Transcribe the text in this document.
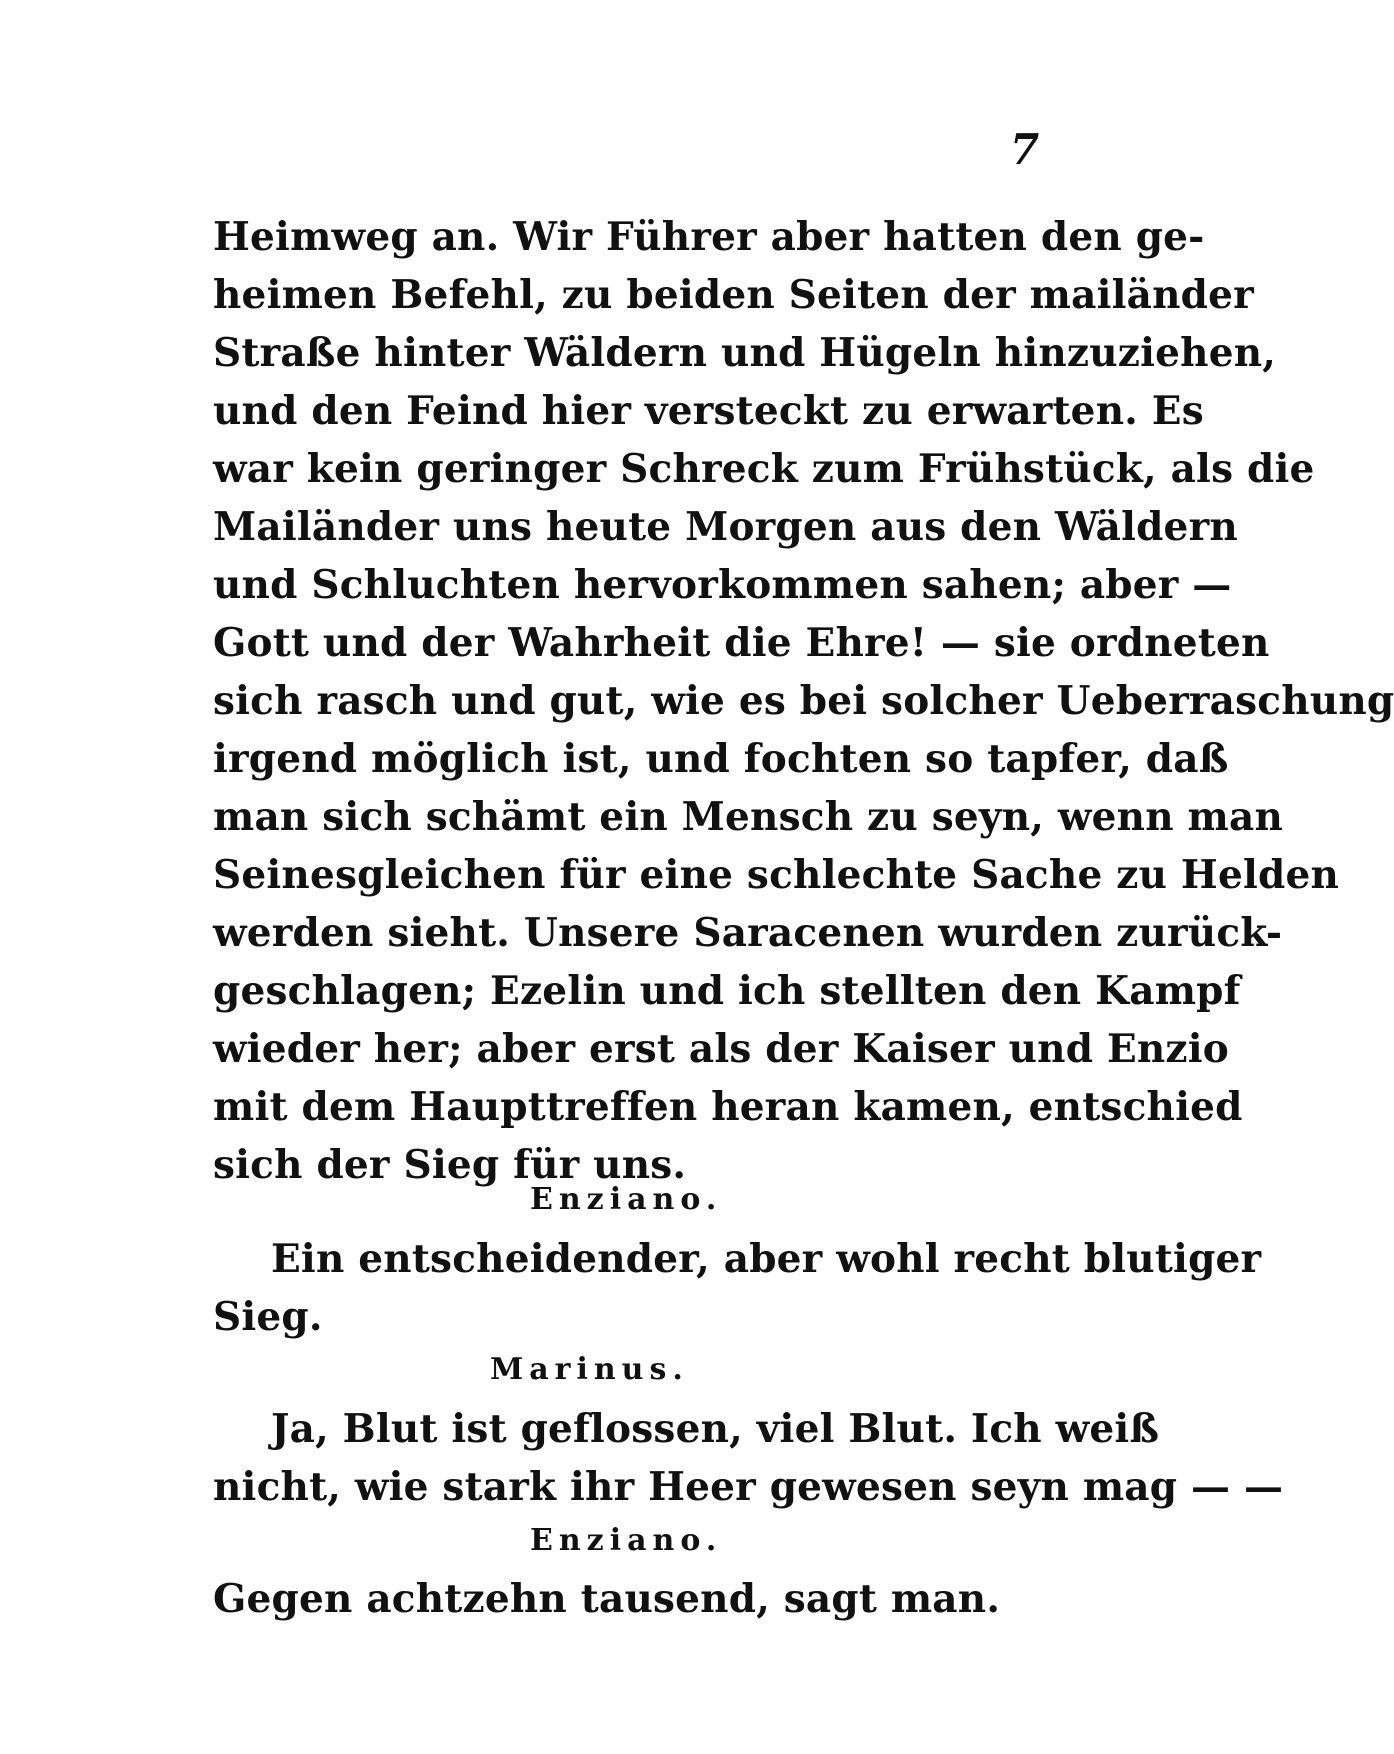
7
Heimweg an. Wir Führer aber hatten den ge-
heimen Befehl, zu beiden Seiten der mailänder
Straße hinter Wäldern und Hügeln hinzuziehen,
und den Feind hier versteckt zu erwarten. Es
war kein geringer Schreck zum Frühstück, als die
Mailänder uns heute Morgen aus den Wäldern
und Schluchten hervorkommen sahen; aber —
Gott und der Wahrheit die Ehre! — sie ordneten
sich rasch und gut, wie es bei solcher Ueberraschung
irgend möglich ist, und fochten so tapfer, daß
man sich schämt ein Mensch zu seyn, wenn man
Seinesgleichen für eine schlechte Sache zu Helden
werden sieht. Unsere Saracenen wurden zurück-
geschlagen; Ezelin und ich stellten den Kampf
wieder her; aber erst als der Kaiser und Enzio
mit dem Haupttreffen heran kamen, entschied
sich der Sieg für uns.
Enziano.
Ein entscheidender, aber wohl recht blutiger
Sieg.
Marinus.
Ja, Blut ist geflossen, viel Blut. Ich weiß
nicht, wie stark ihr Heer gewesen seyn mag — —
Enziano.
Gegen achtzehn tausend, sagt man.
